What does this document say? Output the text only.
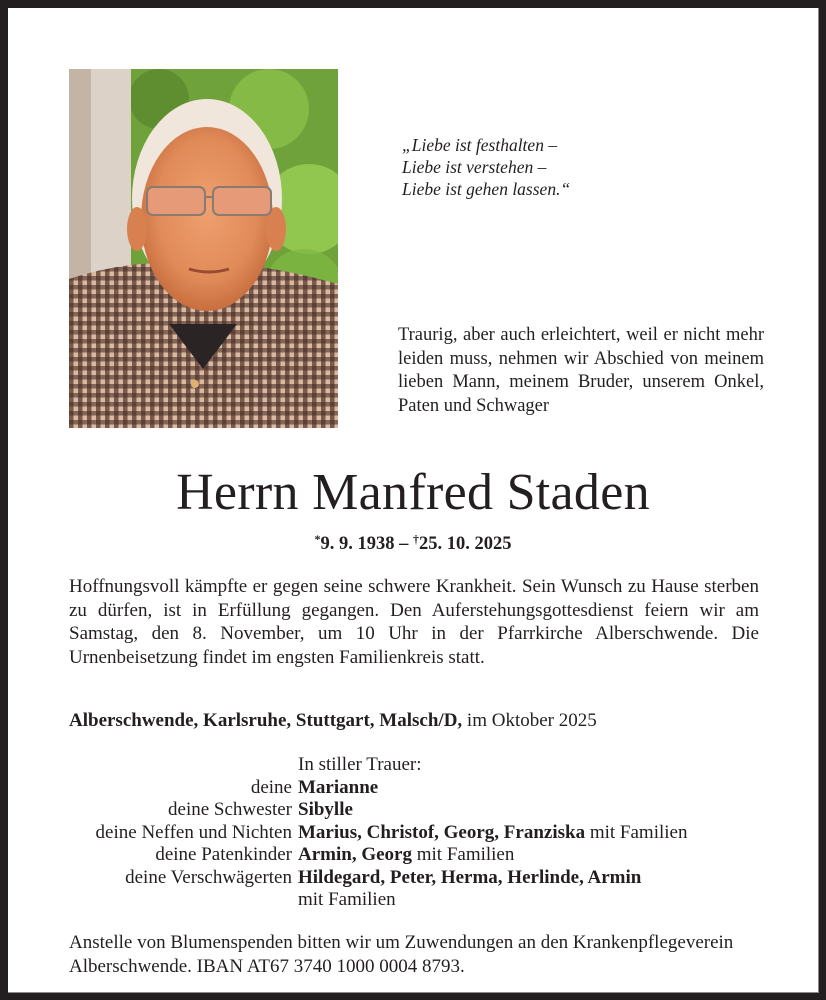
„Liebe ist festhalten –
Liebe ist verstehen –
Liebe ist gehen lassen.“
Traurig, aber auch erleichtert, weil er nicht mehr leiden muss, nehmen wir Abschied von meinem lieben Mann, meinem Bruder, unserem Onkel, Paten und Schwager
Herrn Manfred Staden
*9. 9. 1938 – †25. 10. 2025

Hoffnungsvoll kämpfte er gegen seine schwere Krankheit. Sein Wunsch zu Hause sterben zu dürfen, ist in Erfüllung gegangen. Den Auferstehungsgottesdienst feiern wir am Samstag, den 8. November, um 10 Uhr in der Pfarrkirche Alberschwende. Die Urnenbeisetzung findet im engsten Familienkreis statt.

Alberschwende, Karlsruhe, Stuttgart, Malsch/D, im Oktober 2025
In stiller Trauer:
deine Marianne
deine Schwester Sibylle
deine Neffen und Nichten Marius, Christof, Georg, Franziska mit Familien
deine Patenkinder Armin, Georg mit Familien
deine Verschwägerten Hildegard, Peter, Herma, Herlinde, Armin
mit Familien
Anstelle von Blumenspenden bitten wir um Zuwendungen an den Krankenpflegeverein Alberschwende. IBAN AT67 3740 1000 0004 8793.
